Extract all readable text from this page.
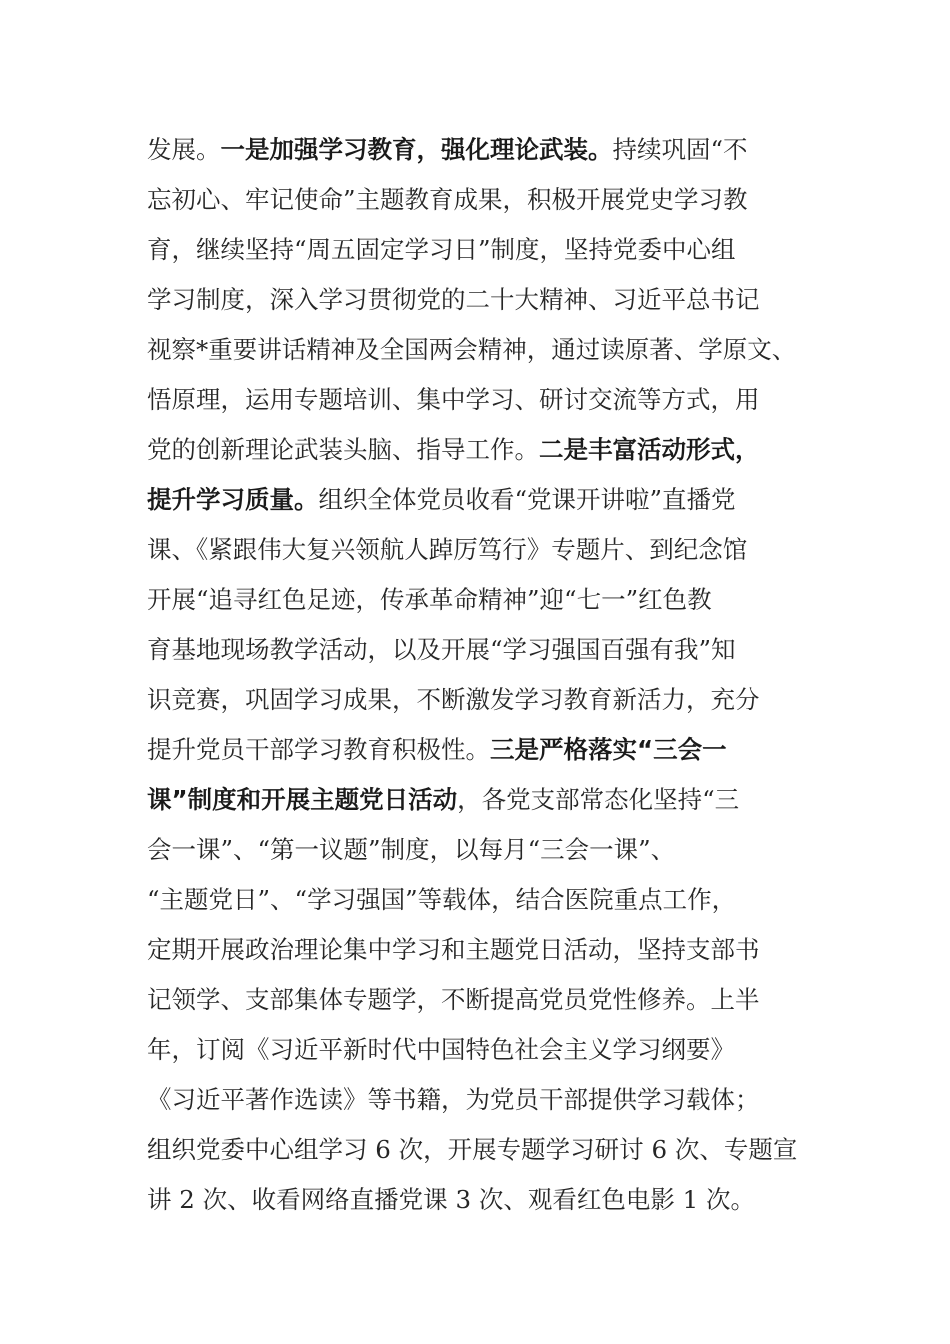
发展。一是加强学习教育，强化理论武装。持续巩固“不
忘初心、牢记使命”主题教育成果，积极开展党史学习教
育，继续坚持“周五固定学习日”制度，坚持党委中心组
学习制度，深入学习贯彻党的二十大精神、习近平总书记
视察*重要讲话精神及全国两会精神，通过读原著、学原文、
悟原理，运用专题培训、集中学习、研讨交流等方式，用
党的创新理论武装头脑、指导工作。二是丰富活动形式，
提升学习质量。组织全体党员收看“党课开讲啦”直播党
课、《紧跟伟大复兴领航人踔厉笃行》专题片、到纪念馆
开展“追寻红色足迹，传承革命精神”迎“七一”红色教
育基地现场教学活动，以及开展“学习强国百强有我”知
识竞赛，巩固学习成果，不断激发学习教育新活力，充分
提升党员干部学习教育积极性。三是严格落实“三会一
课”制度和开展主题党日活动，各党支部常态化坚持“三
会一课”、“第一议题”制度，以每月“三会一课”、
“主题党日”、“学习强国”等载体，结合医院重点工作，
定期开展政治理论集中学习和主题党日活动，坚持支部书
记领学、支部集体专题学，不断提高党员党性修养。上半
年，订阅《习近平新时代中国特色社会主义学习纲要》
《习近平著作选读》等书籍，为党员干部提供学习载体；
组织党委中心组学习 6 次，开展专题学习研讨 6 次、专题宣
讲 2 次、收看网络直播党课 3 次、观看红色电影 1 次。
